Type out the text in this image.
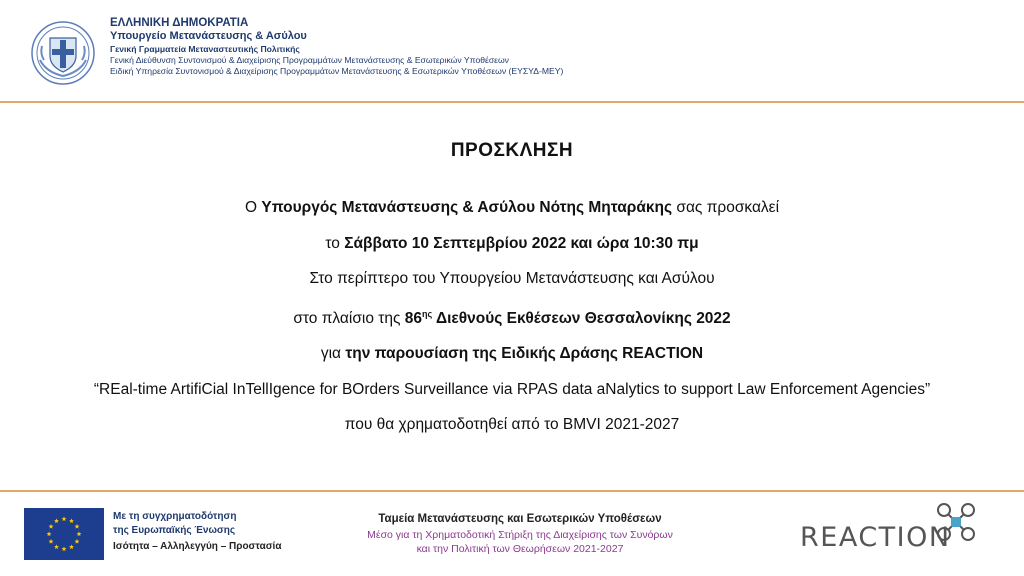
ΕΛΛΗΝΙΚΗ ΔΗΜΟΚΡΑΤΙΑ
Υπουργείο Μετανάστευσης & Ασύλου
Γενική Γραμματεία Μεταναστευτικής Πολιτικής
Γενική Διεύθυνση Συντονισμού & Διαχείρισης Προγραμμάτων Μετανάστευσης & Εσωτερικών Υποθέσεων
Ειδική Υπηρεσία Συντονισμού & Διαχείρισης Προγραμμάτων Μετανάστευσης & Εσωτερικών Υποθέσεων (ΕΥΣΥΔ-ΜΕΥ)
ΠΡΟΣΚΛΗΣΗ
Ο Υπουργός Μετανάστευσης & Ασύλου Νότης Μηταράκης σας προσκαλεί
το Σάββατο 10 Σεπτεμβρίου 2022 και ώρα 10:30 πμ
Στο περίπτερο του Υπουργείου Μετανάστευσης και Ασύλου
στο πλαίσιο της $86^{\eta\varsigma}$ Διεθνούς Εκθέσεων Θεσσαλονίκης 2022
για την παρουσίαση της Ειδικής Δράσης REACTION
“REal-time ArtifiCial InTellIgence for BOrders Surveillance via RPAS data aNalytics to support Law Enforcement Agencies”
που θα χρηματοδοτηθεί από το BMVI 2021-2027
Με τη συγχρηματοδότηση
της Ευρωπαϊκής Ένωσης
Ισότητα – Αλληλεγγύη – Προστασία
Ταμεία Μετανάστευσης και Εσωτερικών Υποθέσεων
Μέσο για τη Χρηματοδοτική Στήριξη της Διαχείρισης των Συνόρων
και την Πολιτική των Θεωρήσεων 2021-2027	REACTION
